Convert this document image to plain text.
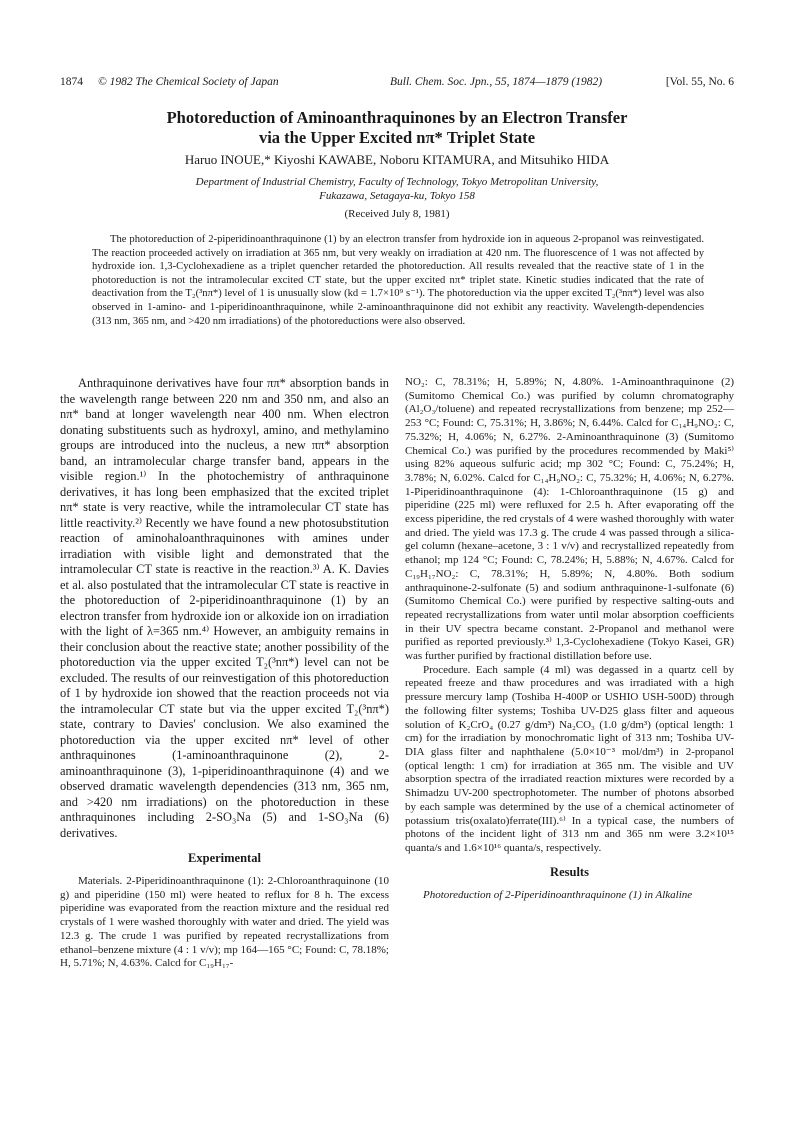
1874 © 1982 The Chemical Society of Japan	Bull. Chem. Soc. Jpn., 55, 1874—1879 (1982)	[Vol. 55, No. 6
Photoreduction of Aminoanthraquinones by an Electron Transfer
via the Upper Excited nπ* Triplet State
Haruo INOUE,* Kiyoshi KAWABE, Noboru KITAMURA, and Mitsuhiko HIDA
Department of Industrial Chemistry, Faculty of Technology, Tokyo Metropolitan University,
Fukazawa, Setagaya-ku, Tokyo 158
(Received July 8, 1981)

The photoreduction of 2-piperidinoanthraquinone (1) by an electron transfer from hydroxide ion in aqueous 2-propanol was reinvestigated. The reaction proceeded actively on irradiation at 365 nm, but very weakly on irradiation at 420 nm. The fluorescence of 1 was not affected by hydroxide ion. 1,3-Cyclohexadiene as a triplet quencher retarded the photoreduction. All results revealed that the reactive state of 1 in the photoreduction is not the intramolecular excited CT state, but the upper excited nπ* triplet state. Kinetic studies indicated that the rate of deactivation from the T₂(³nπ*) level of 1 is unusually slow (kd = 1.7×10⁹ s⁻¹). The photoreduction via the upper excited T₂(³nπ*) level was also observed in 1-amino- and 1-piperidinoanthraquinone, while 2-aminoanthraquinone did not exhibit any reactivity. Wavelength-dependencies (313 nm, 365 nm, and >420 nm irradiations) of the photoreductions were also observed.

Anthraquinone derivatives have four ππ* absorption bands in the wavelength range between 220 nm and 350 nm, and also an nπ* band at longer wavelength near 400 nm. When electron donating substituents such as hydroxyl, amino, and methylamino groups are introduced into the nucleus, a new ππ* absorption band, an intramolecular charge transfer band, appears in the visible region.¹⁾ In the photochemistry of anthraquinone derivatives, it has long been emphasized that the excited triplet nπ* state is very reactive, while the intramolecular CT state has little reactivity.²⁾ Recently we have found a new photosubstitution reaction of aminohaloanthraquinones with amines under irradiation with visible light and demonstrated that the intramolecular CT state is reactive in the reaction.³⁾ A. K. Davies et al. also postulated that the intramolecular CT state is reactive in the photoreduction of 2-piperidinoanthraquinone (1) by an electron transfer from hydroxide ion or alkoxide ion on irradiation with the light of λ=365 nm.⁴⁾ However, an ambiguity remains in their conclusion about the reactive state; another possibility of the photoreduction via the upper excited T₂(³nπ*) level can not be excluded. The results of our reinvestigation of this photoreduction of 1 by hydroxide ion showed that the reaction proceeds not via the intramolecular CT state but via the upper excited T₂(³nπ*) state, contrary to Davies' conclusion. We also examined the photoreduction via the upper excited nπ* level of other anthraquinones (1-aminoanthraquinone (2), 2-aminoanthraquinone (3), 1-piperidinoanthraquinone (4) and we observed dramatic wavelength dependencies (313 nm, 365 nm, and >420 nm irradiations) on the photoreduction in these anthraquinones including 2-SO₃Na (5) and 1-SO₃Na (6) derivatives.

Experimental

Materials. 2-Piperidinoanthraquinone (1): 2-Chloroanthraquinone (10 g) and piperidine (150 ml) were heated to reflux for 8 h. The excess piperidine was evaporated from the reaction mixture and the residual red crystals of 1 were washed thoroughly with water and dried. The yield was 12.3 g. The crude 1 was purified by repeated recrystallizations from ethanol–benzene mixture (4 : 1 v/v); mp 164—165 °C; Found: C, 78.18%; H, 5.71%; N, 4.63%. Calcd for C₁₉H₁₇-

NO₂: C, 78.31%; H, 5.89%; N, 4.80%. 1-Aminoanthraquinone (2) (Sumitomo Chemical Co.) was purified by column chromatography (Al₂O₃/toluene) and repeated recrystallizations from benzene; mp 252—253 °C; Found: C, 75.31%; H, 3.86%; N, 6.44%. Calcd for C₁₄H₉NO₂: C, 75.32%; H, 4.06%; N, 6.27%. 2-Aminoanthraquinone (3) (Sumitomo Chemical Co.) was purified by the procedures recommended by Maki⁵⁾ using 82% aqueous sulfuric acid; mp 302 °C; Found: C, 75.24%; H, 3.78%; N, 6.02%. Calcd for C₁₄H₉NO₂: C, 75.32%; H, 4.06%; N, 6.27%. 1-Piperidinoanthraquinone (4): 1-Chloroanthraquinone (15 g) and piperidine (225 ml) were refluxed for 2.5 h. After evaporating off the excess piperidine, the red crystals of 4 were washed thoroughly with water and dried. The yield was 17.3 g. The crude 4 was passed through a silica-gel column (hexane–acetone, 3 : 1 v/v) and recrystallized repeatedly from ethanol; mp 124 °C; Found: C, 78.24%; H, 5.88%; N, 4.67%. Calcd for C₁₉H₁₇NO₂: C, 78.31%; H, 5.89%; N, 4.80%. Both sodium anthraquinone-2-sulfonate (5) and sodium anthraquinone-1-sulfonate (6) (Sumitomo Chemical Co.) were purified by respective salting-outs and repeated recrystallizations from water until molar absorption coefficients in their UV spectra became constant. 2-Propanol and methanol were purified as reported previously.³⁾ 1,3-Cyclohexadiene (Tokyo Kasei, GR) was further purified by fractional distillation before use.

Procedure. Each sample (4 ml) was degassed in a quartz cell by repeated freeze and thaw procedures and was irradiated with a high pressure mercury lamp (Toshiba H-400P or USHIO USH-500D) through the following filter systems; Toshiba UV-D25 glass filter and aqueous solution of K₂CrO₄ (0.27 g/dm³) Na₂CO₃ (1.0 g/dm³) (optical length: 1 cm) for the irradiation by monochromatic light of 313 nm; Toshiba UV-DIA glass filter and naphthalene (5.0×10⁻³ mol/dm³) in 2-propanol (optical length: 1 cm) for irradiation at 365 nm. The visible and UV absorption spectra of the irradiated reaction mixtures were recorded by a Shimadzu UV-200 spectrophotometer. The number of photons absorbed by each sample was determined by the use of a chemical actinometer of potassium tris(oxalato)ferrate(III).⁶⁾ In a typical case, the numbers of photons of the incident light of 313 nm and 365 nm were 3.2×10¹⁵ quanta/s and 1.6×10¹⁶ quanta/s, respectively.

Results

Photoreduction of 2-Piperidinoanthraquinone (1) in Alkaline
